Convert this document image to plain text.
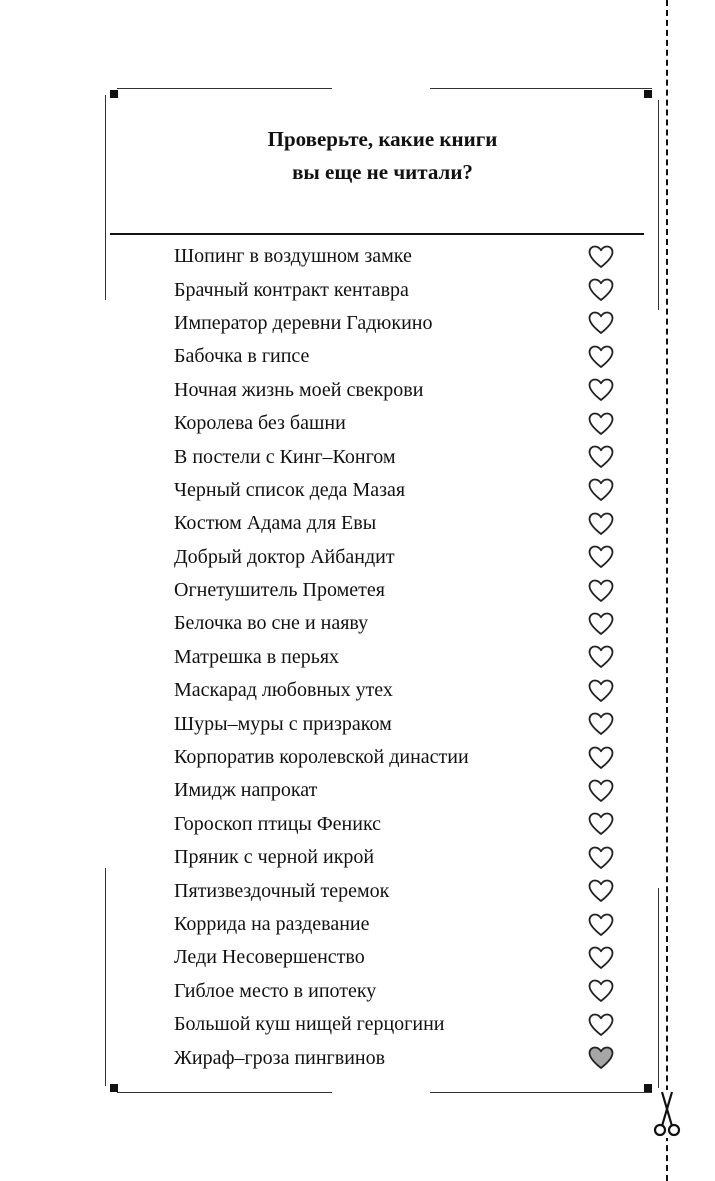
Проверьте, какие книги
вы еще не читали?
Шопинг в воздушном замке
Брачный контракт кентавра
Император деревни Гадюкино
Бабочка в гипсе
Ночная жизнь моей свекрови
Королева без башни
В постели с Кинг–Конгом
Черный список деда Мазая
Костюм Адама для Евы
Добрый доктор Айбандит
Огнетушитель Прометея
Белочка во сне и наяву
Матрешка в перьях
Маскарад любовных утех
Шуры–муры с призраком
Корпоратив королевской династии
Имидж напрокат
Гороскоп птицы Феникс
Пряник с черной икрой
Пятизвездочный теремок
Коррида на раздевание
Леди Несовершенство
Гиблое место в ипотеку
Большой куш нищей герцогини
Жираф–гроза пингвинов
